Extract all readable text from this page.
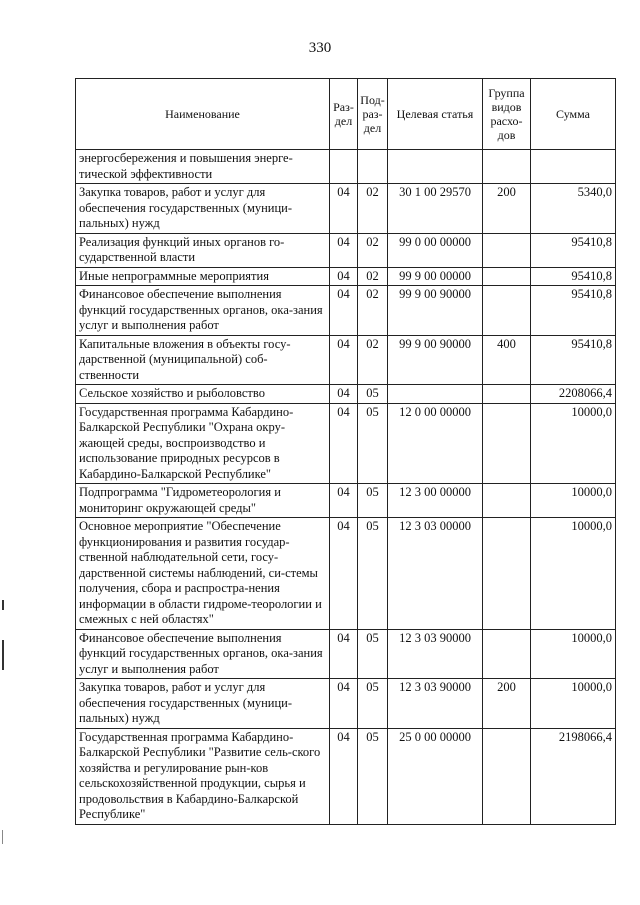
330
Наименование	Раз-дел	Под-раз-дел	Целевая статья	Группа видов расхо-дов	Сумма
энергосбережения и повышения энерге-тической эффективности					
Закупка товаров, работ и услуг для обеспечения государственных (муници-пальных) нужд	04	02	30 1 00 29570	200	5340,0
Реализация функций иных органов го-сударственной власти	04	02	99 0 00 00000		95410,8
Иные непрограммные мероприятия	04	02	99 9 00 00000		95410,8
Финансовое обеспечение выполнения функций государственных органов, ока-зания услуг и выполнения работ	04	02	99 9 00 90000		95410,8
Капитальные вложения в объекты госу-дарственной (муниципальной) соб-ственности	04	02	99 9 00 90000	400	95410,8
Сельское хозяйство и рыболовство	04	05			2208066,4
Государственная программа Кабардино-Балкарской Республики "Охрана окру-жающей среды, воспроизводство и использование природных ресурсов в Кабардино-Балкарской Республике"	04	05	12 0 00 00000		10000,0
Подпрограмма "Гидрометеорология и мониторинг окружающей среды"	04	05	12 3 00 00000		10000,0
Основное мероприятие "Обеспечение функционирования и развития государ-ственной наблюдательной сети, госу-дарственной системы наблюдений, си-стемы получения, сбора и распростра-нения информации в области гидроме-теорологии и смежных с ней областях"	04	05	12 3 03 00000		10000,0
Финансовое обеспечение выполнения функций государственных органов, ока-зания услуг и выполнения работ	04	05	12 3 03 90000		10000,0
Закупка товаров, работ и услуг для обеспечения государственных (муници-пальных) нужд	04	05	12 3 03 90000	200	10000,0
Государственная программа Кабардино-Балкарской Республики "Развитие сель-ского хозяйства и регулирование рын-ков сельскохозяйственной продукции, сырья и продовольствия в Кабардино-Балкарской Республике"	04	05	25 0 00 00000		2198066,4
